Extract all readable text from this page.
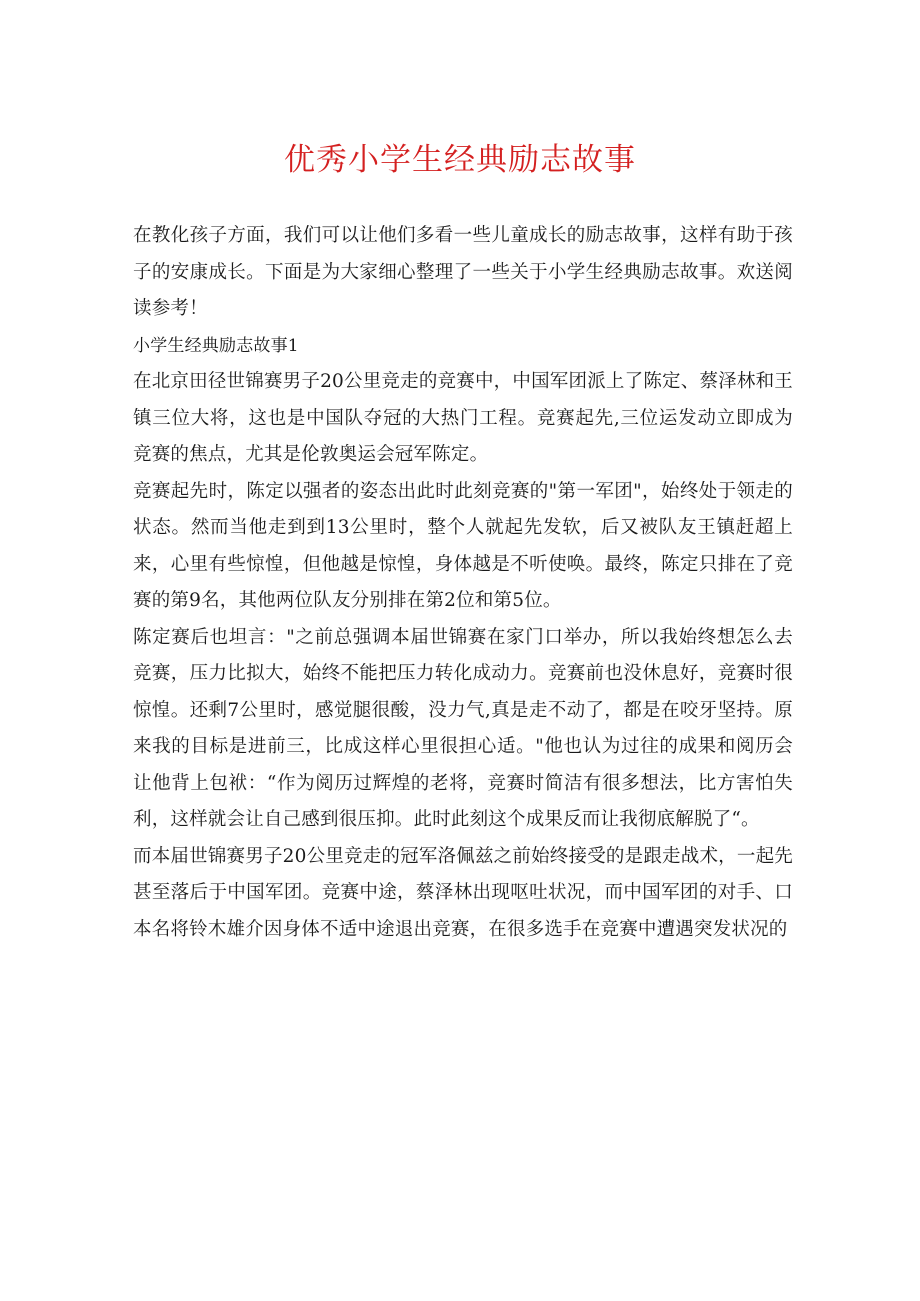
优秀小学生经典励志故事

在教化孩子方面，我们可以让他们多看一些儿童成长的励志故事，这样有助于孩子的安康成长。下面是为大家细心整理了一些关于小学生经典励志故事。欢送阅读参考！

小学生经典励志故事1

在北京田径世锦赛男子20公里竞走的竞赛中，中国军团派上了陈定、蔡泽林和王镇三位大将，这也是中国队夺冠的大热门工程。竞赛起先,三位运发动立即成为竞赛的焦点，尤其是伦敦奥运会冠军陈定。

竞赛起先时，陈定以强者的姿态出此时此刻竞赛的"第一军团"，始终处于领走的状态。然而当他走到到13公里时，整个人就起先发软，后又被队友王镇赶超上来，心里有些惊惶，但他越是惊惶，身体越是不听使唤。最终，陈定只排在了竞赛的第9名，其他两位队友分别排在第2位和第5位。

陈定赛后也坦言："之前总强调本届世锦赛在家门口举办，所以我始终想怎么去竞赛，压力比拟大，始终不能把压力转化成动力。竞赛前也没休息好，竞赛时很惊惶。还剩7公里时，感觉腿很酸，没力气,真是走不动了，都是在咬牙坚持。原来我的目标是进前三，比成这样心里很担心适。"他也认为过往的成果和阅历会让他背上包袱：“作为阅历过辉煌的老将，竞赛时简洁有很多想法，比方害怕失利，这样就会让自己感到很压抑。此时此刻这个成果反而让我彻底解脱了“。

而本届世锦赛男子20公里竞走的冠军洛佩兹之前始终接受的是跟走战术，一起先甚至落后于中国军团。竞赛中途，蔡泽林出现呕吐状况，而中国军团的对手、口本名将铃木雄介因身体不适中途退出竞赛，在很多选手在竞赛中遭遇突发状况的
